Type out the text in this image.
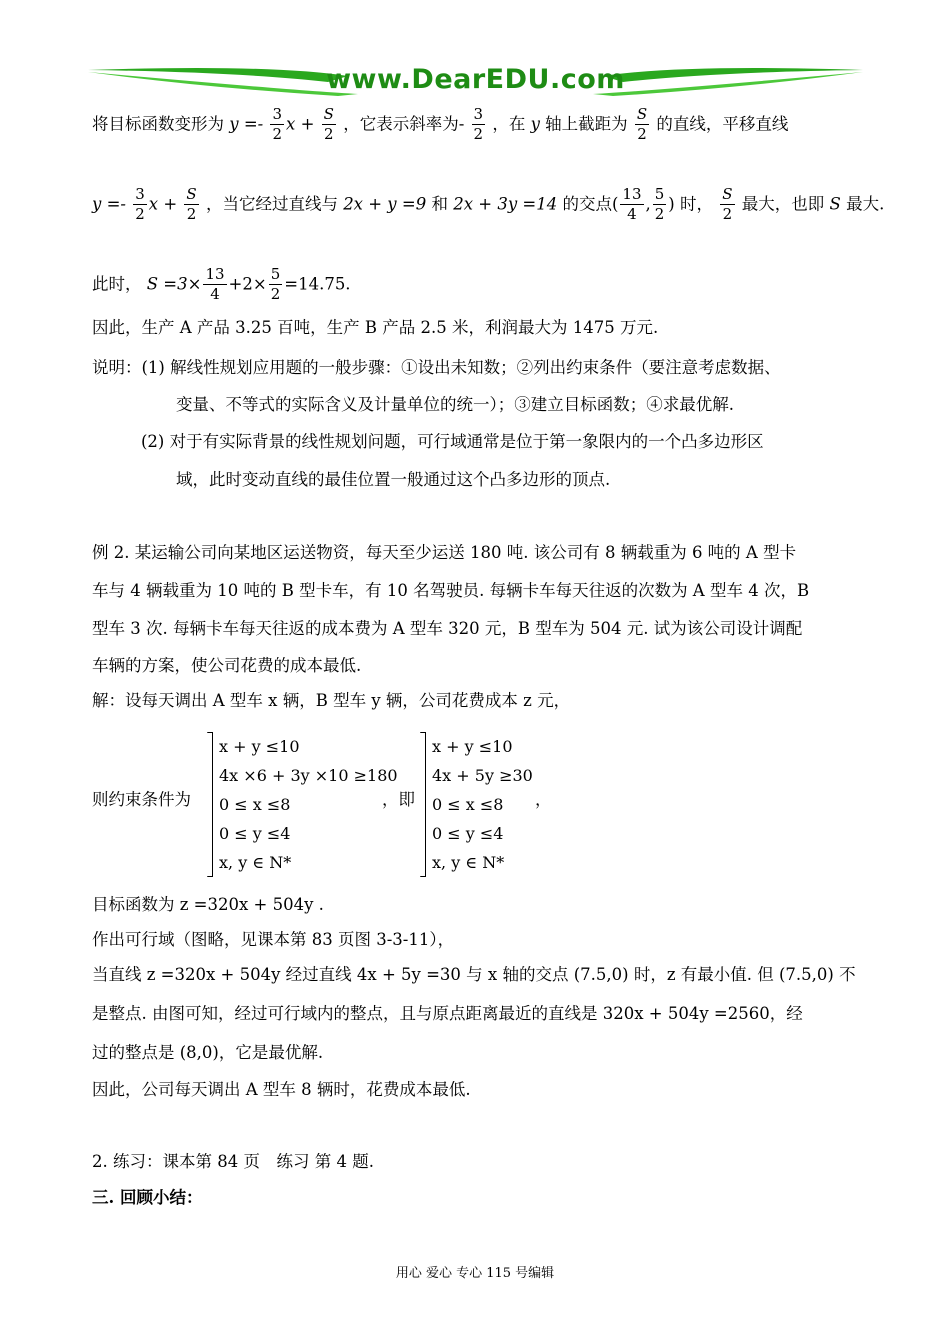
www.DearEDU.com
将目标函数变形为 $y =- \frac{3}{2}$ $x + \frac{S}{2}$ ，它表示斜率为- $\frac{3}{2}$ ，在 y 轴上截距为 $\frac{S}{2}$ 的直线，平移直线
$y =- \frac{3}{2}$ $x + \frac{S}{2}$ ，当它经过直线与 2x + y =9 和 2x + 3y =14 的交点( $\frac{13}{4}$ , $\frac{5}{2}$ ) 时， $\frac{S}{2}$ 最大，也即 S 最大.
此时， $S =3\times \frac{13}{4} +2\times \frac{5}{2} =14.75$.
因此，生产 A 产品 3.25 百吨，生产 B 产品 2.5 米，利润最大为 1475 万元.
说明：(1) 解线性规划应用题的一般步骤：①设出未知数；②列出约束条件（要注意考虑数据、
变量、不等式的实际含义及计量单位的统一）；③建立目标函数；④求最优解.
(2) 对于有实际背景的线性规划问题，可行域通常是位于第一象限内的一个凸多边形区
域，此时变动直线的最佳位置一般通过这个凸多边形的顶点.
例 2. 某运输公司向某地区运送物资，每天至少运送 180 吨. 该公司有 8 辆载重为 6 吨的 A 型卡
车与 4 辆载重为 10 吨的 B 型卡车，有 10 名驾驶员. 每辆卡车每天往返的次数为 A 型车 4 次，B
型车 3 次. 每辆卡车每天往返的成本费为 A 型车 320 元，B 型车为 504 元. 试为该公司设计调配
车辆的方案，使公司花费的成本最低.
解：设每天调出 A 型车 x 辆，B 型车 y 辆，公司花费成本 z 元，
则约束条件为
x + y ≤10
4x ×6 + 3y ×10 ≥180
0 ≤ x ≤8
0 ≤ y ≤4
x, y ∈ N*
，即
x + y ≤10
4x + 5y ≥30
0 ≤ x ≤8
0 ≤ y ≤4
x, y ∈ N*
，
目标函数为 z =320x + 504y .
作出可行域（图略，见课本第 83 页图 3-3-11），
当直线 z =320x + 504y 经过直线 4x + 5y =30 与 x 轴的交点 (7.5,0) 时，z 有最小值. 但 (7.5,0) 不
是整点. 由图可知，经过可行域内的整点，且与原点距离最近的直线是 320x + 504y =2560，经
过的整点是 (8,0)，它是最优解.
因此，公司每天调出 A 型车 8 辆时，花费成本最低.
2. 练习：课本第 84 页　练习 第 4 题.
三. 回顾小结：
用心 爱心 专心 115 号编辑
